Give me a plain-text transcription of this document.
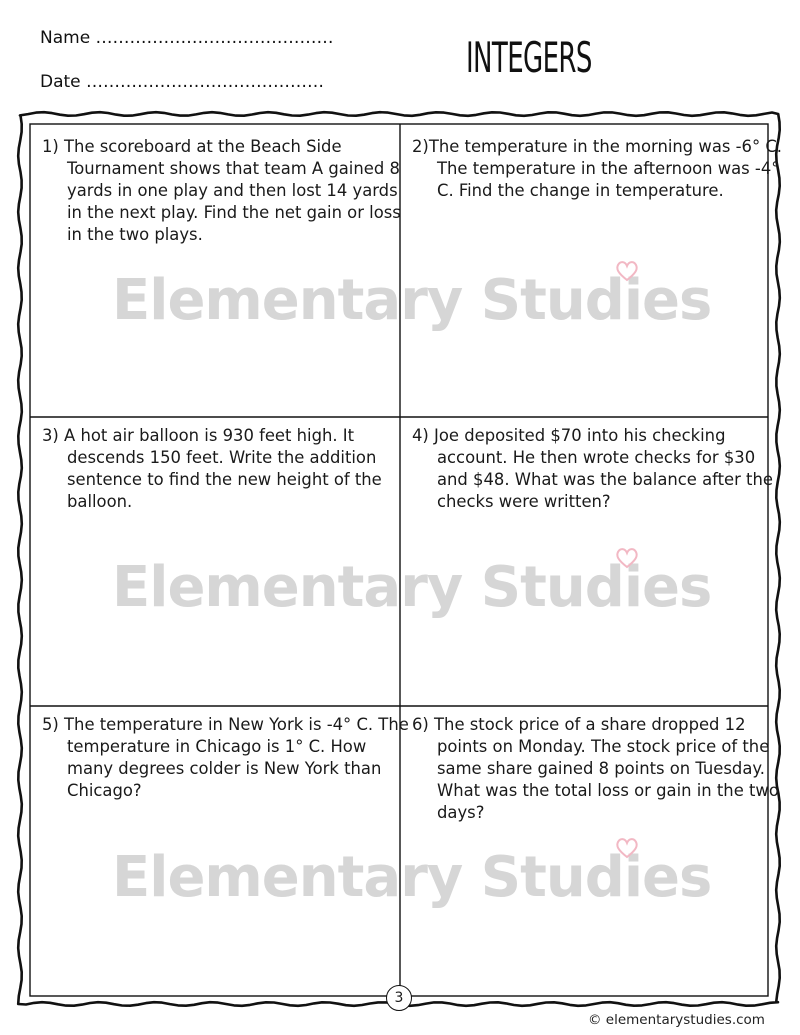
Name ……………………………………
Date ……………………………………	INTEGERS
Elementary Studies
Elementary Studies
Elementary Studies
1) The scoreboard at the Beach Side Tournament shows that team A gained 8 yards in one play and then lost 14 yards in the next play. Find the net gain or loss in the two plays.
2)The temperature in the morning was -6° C. The temperature in the afternoon was -4° C. Find the change in temperature.
3) A hot air balloon is 930 feet high. It descends 150 feet. Write the addition sentence to find the new height of the balloon.
4) Joe deposited $70 into his checking account. He then wrote checks for $30 and $48. What was the balance after the checks were written?
5) The temperature in New York is -4° C. The temperature in Chicago is 1° C. How many degrees colder is New York than Chicago?
6) The stock price of a share dropped 12 points on Monday. The stock price of the same share gained 8 points on Tuesday. What was the total loss or gain in the two days?
3
© elementarystudies.com
